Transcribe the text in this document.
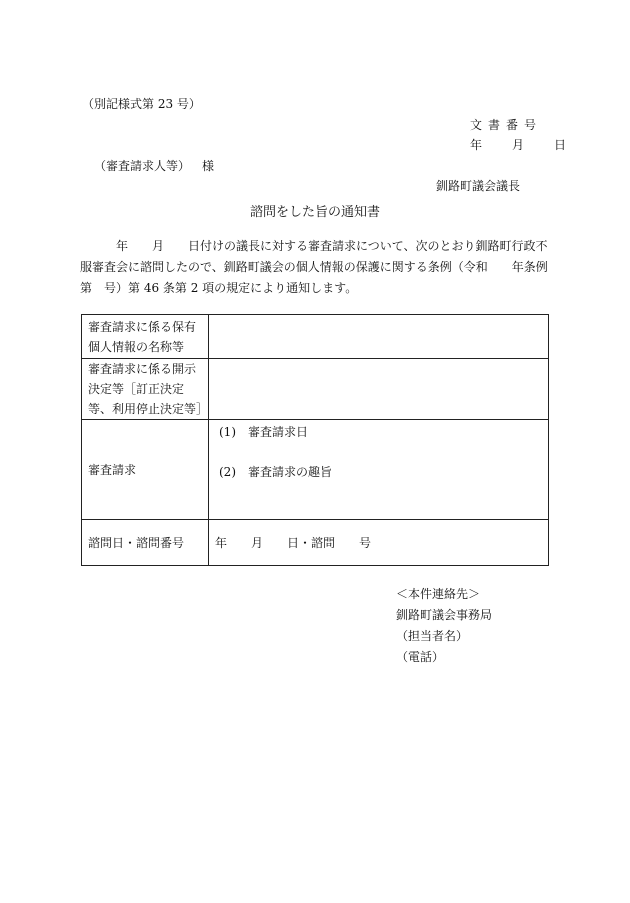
（別記様式第 23 号）
文書番号
年	月	日
（審査請求人等） 様
釧路町議会議長
諮問をした旨の通知書
　　　年　　月　　日付けの議長に対する審査請求について、次のとおり釧路町行政不服審査会に諮問したので、釧路町議会の個人情報の保護に関する条例（令和　　年条例第　号）第 46 条第 2 項の規定により通知します。
審査請求に係る保有個人情報の名称等	
審査請求に係る開示決定等［訂正決定等、利用停止決定等］	
審査請求	(1)　審査請求日
(2)　審査請求の趣旨

諮問日・諮問番号	年　　月　　日・諮問　　号
＜本件連絡先＞
釧路町議会事務局
（担当者名）
（電話）
